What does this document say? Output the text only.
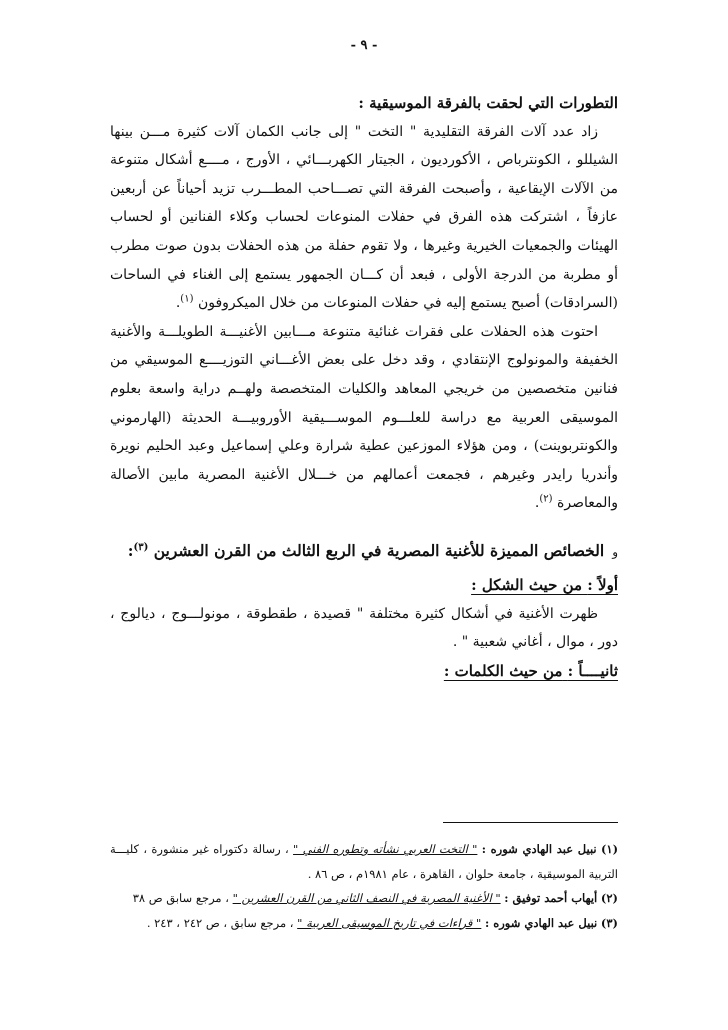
- ٩ -

التطورات التي لحقت بالفرقة الموسيقية :

زاد عدد آلات الفرقة التقليدية " التخت " إلى جانب الكمان آلات كثيرة مـــن بينها الشيللو ، الكونترباص ، الأكورديون ، الجيتار الكهربـــائي ، الأورج ، مــــع أشكال متنوعة من الآلات الإيقاعية ، وأصبحت الفرقة التي تصـــاحب المطـــرب تزيد أحياناً عن أربعين عازفاً ، اشتركت هذه الفرق في حفلات المنوعات لحساب وكلاء الفنانين أو لحساب الهيئات والجمعيات الخيرية وغيرها ، ولا تقوم حفلة من هذه الحفلات بدون صوت مطرب أو مطربة من الدرجة الأولى ، فبعد أن كـــان الجمهور يستمع إلى الغناء في الساحات (السرادقات) أصبح يستمع إليه في حفلات المنوعات من خلال الميكروفون $^{(١)}$.

احتوت هذه الحفلات على فقرات غنائية متنوعة مـــابين الأغنيـــة الطويلـــة والأغنية الخفيفة والمونولوج الإنتقادي ، وقد دخل على بعض الأغـــاني التوزيــــع الموسيقي من فنانين متخصصين من خريجي المعاهد والكليات المتخصصة ولهــم دراية واسعة بعلوم الموسيقى العربية مع دراسة للعلـــوم الموســـيقية الأوروبيـــة الحديثة (الهارموني والكونتربوينت) ، ومن هؤلاء الموزعين عطية شرارة وعلي إسماعيل وعبد الحليم نويرة وأندريا رايدر وغيرهم ، فجمعت أعمالهم من خـــلال الأغنية المصرية مابين الأصالة والمعاصرة $^{(٢)}$.

ﻭالخصائص المميزة للأغنية المصرية في الربع الثالث من القرن العشرين $^{(٣)}$:

أولاً : من حيث الشكل :

ظهرت الأغنية في أشكال كثيرة مختلفة " قصيدة ، طقطوقة ، مونولـــوج ، ديالوج ، دور ، موال ، أغاني شعبية " .

ثانيــــاً : من حيث الكلمات :

(١) نبيل عبد الهادي شوره : " التخت العربي نشأته وتطوره الفني " ، رسالة دكتوراه غير منشورة ، كليـــة التربية الموسيقية ، جامعة حلوان ، القاهرة ، عام ١٩٨١م ، ص ٨٦ .

(٢) أيهاب أحمد توفيق : " الأغنية المصرية في النصف الثاني من القرن العشرين " ، مرجع سابق ص ٣٨

(٣) نبيل عبد الهادي شوره : " قراءات في تاريخ الموسيقى العربية " ، مرجع سابق ، ص ٢٤٢ ، ٢٤٣ .
